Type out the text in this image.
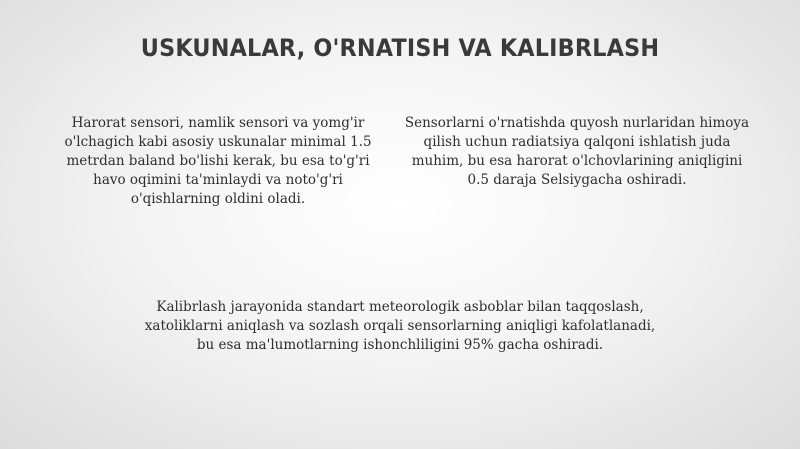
USKUNALAR, O'RNATISH VA KALIBRLASH
Harorat sensori, namlik sensori va yomg'ir o'lchagich kabi asosiy uskunalar minimal 1.5 metrdan baland bo'lishi kerak, bu esa to'g'ri havo oqimini ta'minlaydi va noto'g'ri o'qishlarning oldini oladi.
Sensorlarni o'rnatishda quyosh nurlaridan himoya qilish uchun radiatsiya qalqoni ishlatish juda muhim, bu esa harorat o'lchovlarining aniqligini 0.5 daraja Selsiygacha oshiradi.
Kalibrlash jarayonida standart meteorologik asboblar bilan taqqoslash, xatoliklarni aniqlash va sozlash orqali sensorlarning aniqligi kafolatlanadi, bu esa ma'lumotlarning ishonchliligini 95% gacha oshiradi.
